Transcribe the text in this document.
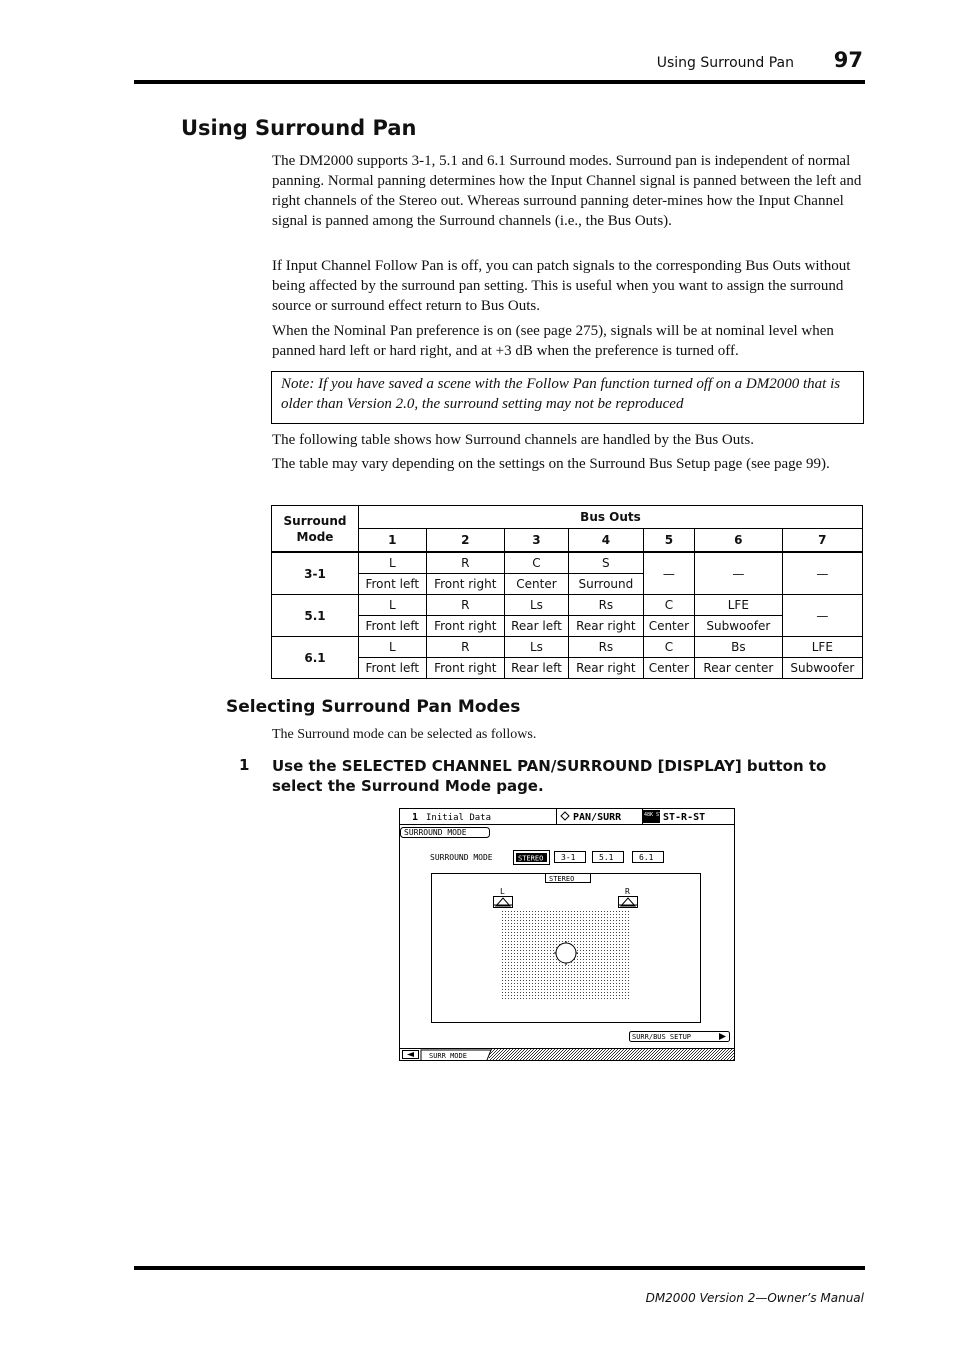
Using Surround Pan 97
Using Surround Pan

The DM2000 supports 3-1, 5.1 and 6.1 Surround modes. Surround pan is independent of normal panning. Normal panning determines how the Input Channel signal is panned between the left and right channels of the Stereo out. Whereas surround panning deter-mines how the Input Channel signal is panned among the Surround channels (i.e., the Bus Outs).

If Input Channel Follow Pan is off, you can patch signals to the corresponding Bus Outs without being affected by the surround pan setting. This is useful when you want to assign the surround source or surround effect return to Bus Outs.

When the Nominal Pan preference is on (see page 275), signals will be at nominal level when panned hard left or hard right, and at +3 dB when the preference is turned off.

Note: If you have saved a scene with the Follow Pan function turned off on a DM2000 that is older than Version 2.0, the surround setting may not be reproduced

The following table shows how Surround channels are handled by the Bus Outs.

The table may vary depending on the settings on the Surround Bus Setup page (see page 99).

Surround Mode	Bus Outs						
	1	2	3	4	5	6	7
3-1	L	R	C	S	—	—	—
	Front left	Front right	Center	Surround			
5.1	L	R	Ls	Rs	C	LFE	—
	Front left	Front right	Rear left	Rear right	Center	Subwoofer	
6.1	L	R	Ls	Rs	C	Bs	LFE
	Front left	Front right	Rear left	Rear right	Center	Rear center	Subwoofer
Selecting Surround Pan Modes

The Surround mode can be selected as follows.

1 Use the SELECTED CHANNEL PAN/SURROUND [DISPLAY] button to select the Surround Mode page.
1 Initial Data	PAN/SURR	48K ST ST-R-ST
SURROUND MODE
SURROUND MODE	STEREO 3-1	5.1	6.1
STEREO
L	R
SURR/BUS SETUP
SURR MODE
DM2000 Version 2—Owner’s Manual
